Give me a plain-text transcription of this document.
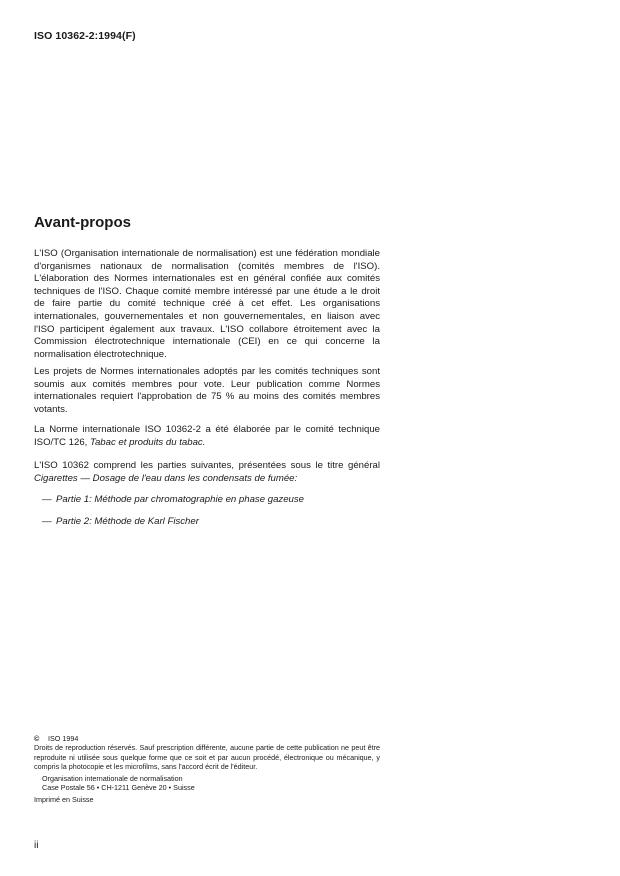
ISO 10362-2:1994(F)
Avant-propos

L'ISO (Organisation internationale de normalisation) est une fédération mondiale d'organismes nationaux de normalisation (comités membres de l'ISO). L'élaboration des Normes internationales est en général confiée aux comités techniques de l'ISO. Chaque comité membre intéressé par une étude a le droit de faire partie du comité technique créé à cet effet. Les organisations internationales, gouvernementales et non gouvernementales, en liaison avec l'ISO participent également aux travaux. L'ISO collabore étroitement avec la Commission électrotechnique internationale (CEI) en ce qui concerne la normalisation électrotechnique.

Les projets de Normes internationales adoptés par les comités techniques sont soumis aux comités membres pour vote. Leur publication comme Normes internationales requiert l'approbation de 75 % au moins des comités membres votants.

La Norme internationale ISO 10362-2 a été élaborée par le comité technique ISO/TC 126, Tabac et produits du tabac.

L'ISO 10362 comprend les parties suivantes, présentées sous le titre général Cigarettes — Dosage de l'eau dans les condensats de fumée:

— Partie 1: Méthode par chromatographie en phase gazeuse
— Partie 2: Méthode de Karl Fischer
© ISO 1994
Droits de reproduction réservés. Sauf prescription différente, aucune partie de cette publication ne peut être reproduite ni utilisée sous quelque forme que ce soit et par aucun procédé, électronique ou mécanique, y compris la photocopie et les microfilms, sans l'accord écrit de l'éditeur.
Organisation internationale de normalisation
Case Postale 56 • CH-1211 Genève 20 • Suisse
Imprimé en Suisse
ii
